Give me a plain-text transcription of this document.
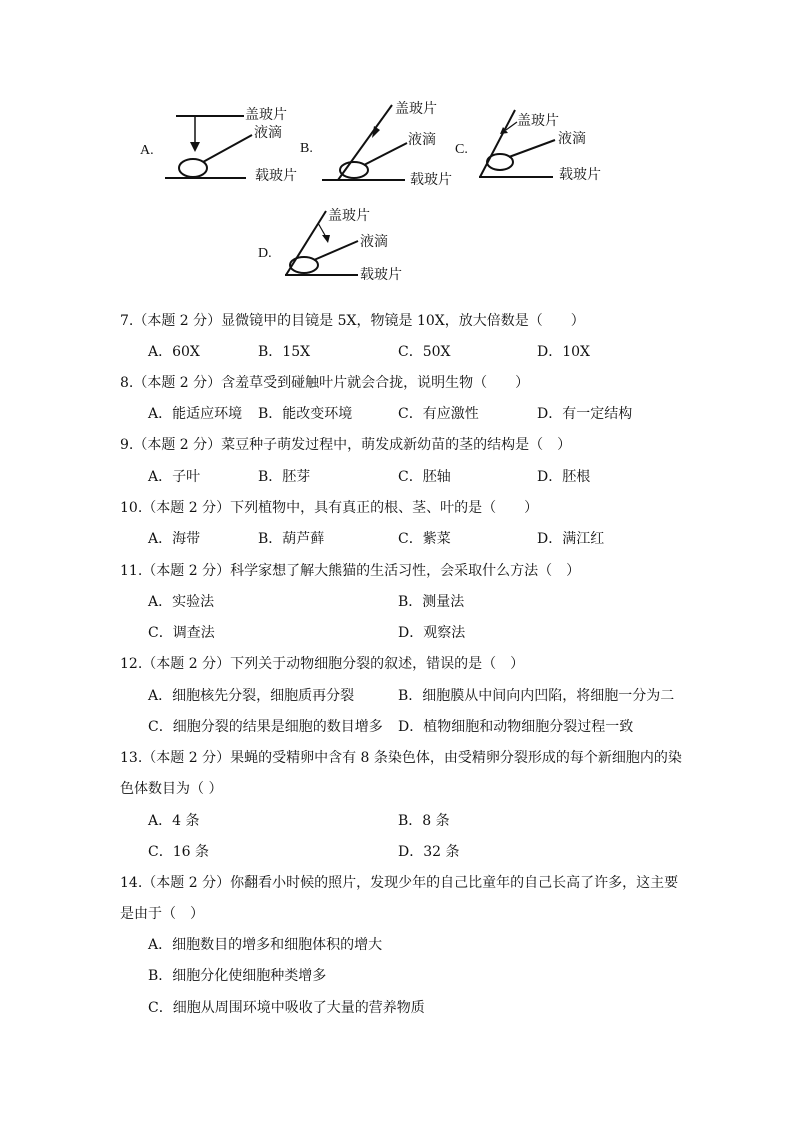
A.
盖玻片
液滴
载玻片
B.
盖玻片
液滴
载玻片
C.
盖玻片
液滴
载玻片
D.
盖玻片
液滴
载玻片
7.（本题 2 分）显微镜甲的目镜是 5X，物镜是 10X，放大倍数是（　　）
A．60X	B．15X	C．50X	D．10X
8.（本题 2 分）含羞草受到碰触叶片就会合拢，说明生物（　　）
A．能适应环境 B．能改变环境	C．有应激性	D．有一定结构
9.（本题 2 分）菜豆种子萌发过程中，萌发成新幼苗的茎的结构是（　）
A．子叶	B．胚芽	C．胚轴	D．胚根
10.（本题 2 分）下列植物中，具有真正的根、茎、叶的是（　　）
A．海带	B．葫芦藓	C．紫菜	D．满江红
11.（本题 2 分）科学家想了解大熊猫的生活习性，会采取什么方法（　）
A．实验法	B．测量法
C．调查法	D．观察法
12.（本题 2 分）下列关于动物细胞分裂的叙述，错误的是（　）
A．细胞核先分裂，细胞质再分裂	B．细胞膜从中间向内凹陷，将细胞一分为二
C．细胞分裂的结果是细胞的数目增多 D．植物细胞和动物细胞分裂过程一致
13.（本题 2 分）果蝇的受精卵中含有 8 条染色体，由受精卵分裂形成的每个新细胞内的染
色体数目为（ ）
A．4 条	B．8 条
C．16 条	D．32 条
14.（本题 2 分）你翻看小时候的照片，发现少年的自己比童年的自己长高了许多，这主要
是由于（　）
A．细胞数目的增多和细胞体积的增大
B．细胞分化使细胞种类增多
C．细胞从周围环境中吸收了大量的营养物质
